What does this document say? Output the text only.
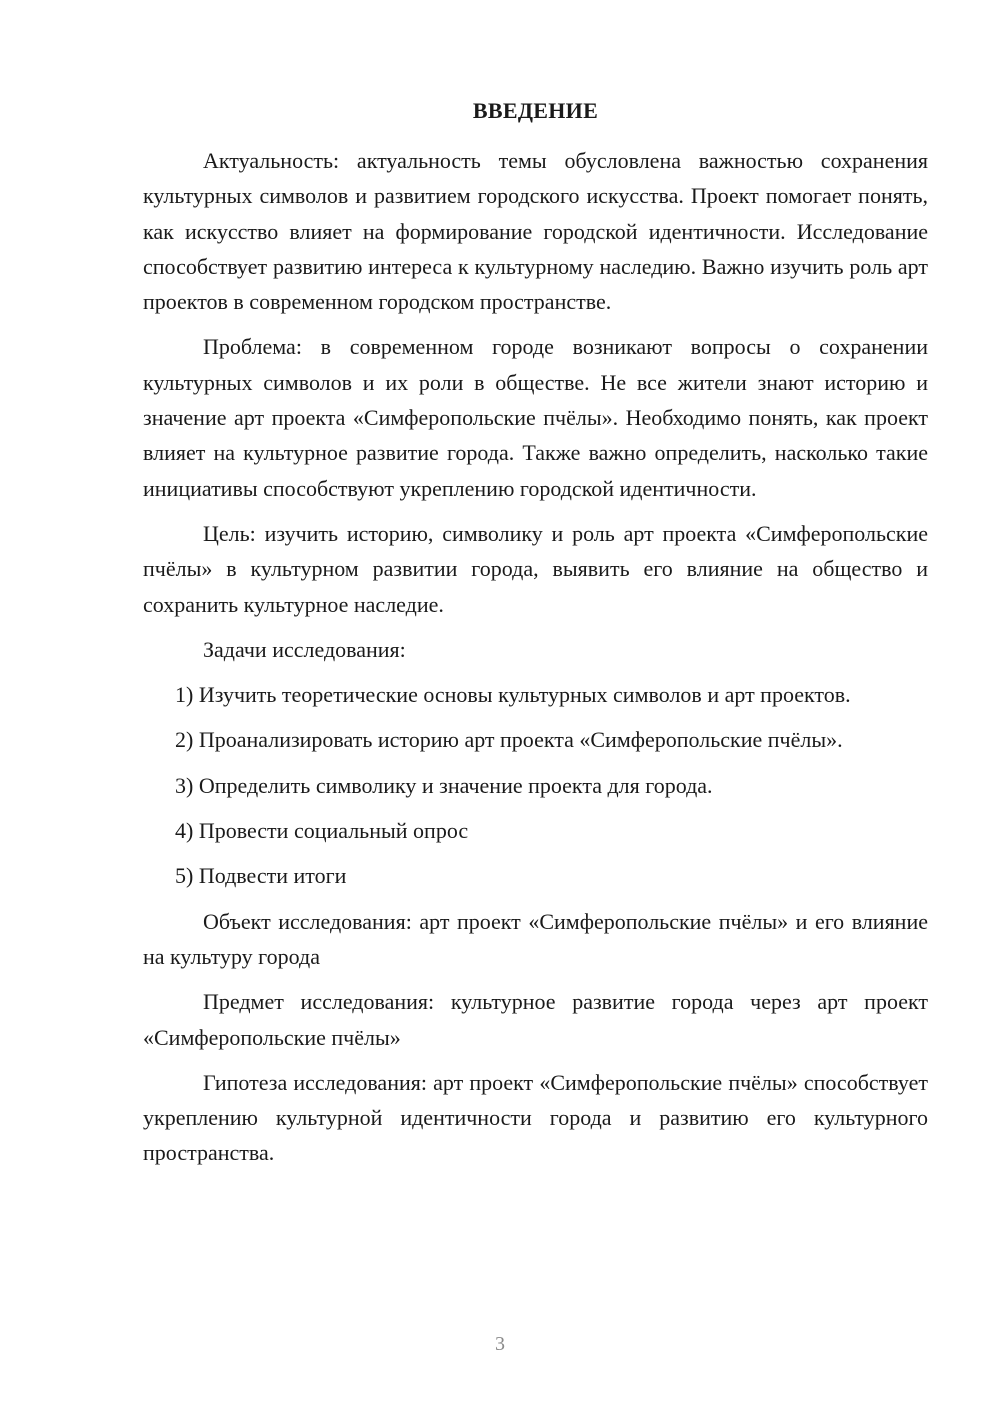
ВВЕДЕНИЕ

Актуальность: актуальность темы обусловлена важностью сохранения культурных символов и развитием городского искусства. Проект помогает понять, как искусство влияет на формирование городской идентичности. Исследование способствует развитию интереса к культурному наследию. Важно изучить роль арт проектов в современном городском пространстве.

Проблема: в современном городе возникают вопросы о сохранении культурных символов и их роли в обществе. Не все жители знают историю и значение арт проекта «Симферопольские пчёлы». Необходимо понять, как проект влияет на культурное развитие города. Также важно определить, насколько такие инициативы способствуют укреплению городской идентичности.

Цель: изучить историю, символику и роль арт проекта «Симферопольские пчёлы» в культурном развитии города, выявить его влияние на общество и сохранить культурное наследие.

Задачи исследования:

1) Изучить теоретические основы культурных символов и арт проектов.

2) Проанализировать историю арт проекта «Симферопольские пчёлы».

3) Определить символику и значение проекта для города.

4) Провести социальный опрос

5) Подвести итоги

Объект исследования: арт проект «Симферопольские пчёлы» и его влияние на культуру города

Предмет исследования: культурное развитие города через арт проект «Симферопольские пчёлы»

Гипотеза исследования: арт проект «Симферопольские пчёлы» способствует укреплению культурной идентичности города и развитию его культурного пространства.

3
